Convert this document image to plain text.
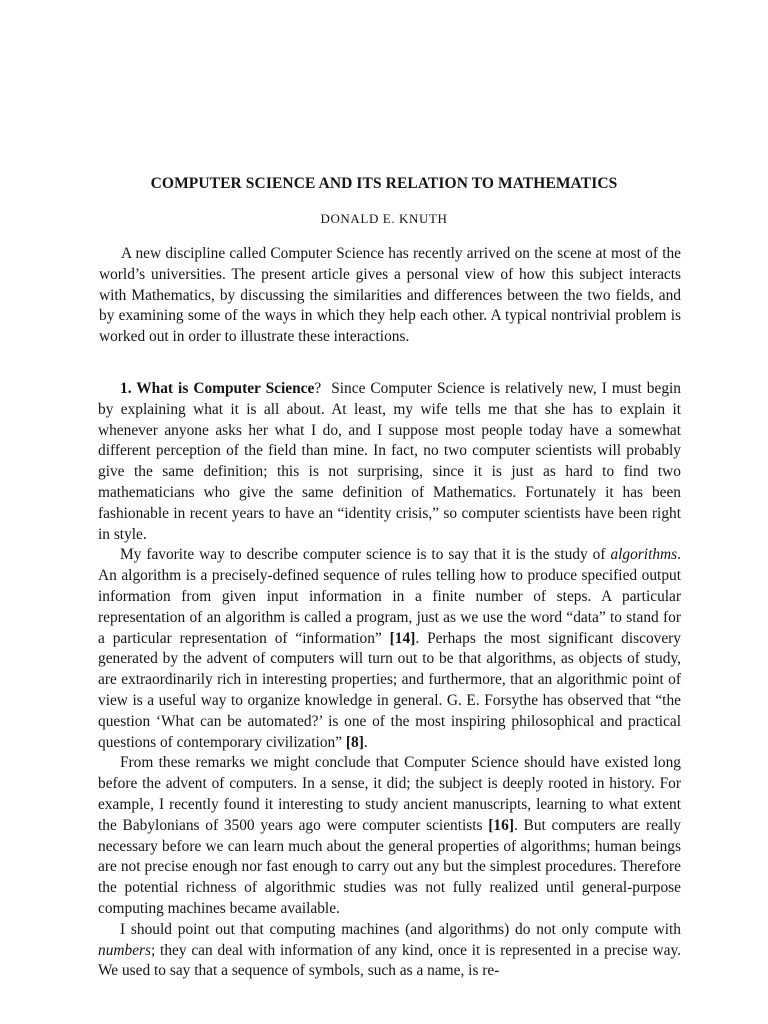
COMPUTER SCIENCE AND ITS RELATION TO MATHEMATICS
DONALD E. KNUTH

A new discipline called Computer Science has recently arrived on the scene at most of the world’s universities. The present article gives a personal view of how this subject interacts with Mathematics, by discussing the similarities and differences between the two fields, and by examining some of the ways in which they help each other. A typical nontrivial problem is worked out in order to illustrate these interactions.

1. What is Computer Science? Since Computer Science is relatively new, I must begin by explaining what it is all about. At least, my wife tells me that she has to explain it whenever anyone asks her what I do, and I suppose most people today have a somewhat different perception of the field than mine. In fact, no two computer scientists will probably give the same definition; this is not surprising, since it is just as hard to find two mathematicians who give the same definition of Mathematics. Fortunately it has been fashionable in recent years to have an “identity crisis,” so computer scientists have been right in style.

My favorite way to describe computer science is to say that it is the study of algorithms. An algorithm is a precisely-defined sequence of rules telling how to produce specified output information from given input information in a finite number of steps. A particular representation of an algorithm is called a program, just as we use the word “data” to stand for a particular representation of “information” [14]. Perhaps the most significant discovery generated by the advent of computers will turn out to be that algorithms, as objects of study, are extraordinarily rich in interesting properties; and furthermore, that an algorithmic point of view is a useful way to organize knowledge in general. G. E. Forsythe has observed that “the question ‘What can be automated?’ is one of the most inspiring philosophical and practical questions of contemporary civilization” [8].

From these remarks we might conclude that Computer Science should have existed long before the advent of computers. In a sense, it did; the subject is deeply rooted in history. For example, I recently found it interesting to study ancient manuscripts, learning to what extent the Babylonians of 3500 years ago were computer scientists [16]. But computers are really necessary before we can learn much about the general properties of algorithms; human beings are not precise enough nor fast enough to carry out any but the simplest procedures. Therefore the potential richness of algorithmic studies was not fully realized until general-purpose computing machines became available.

I should point out that computing machines (and algorithms) do not only compute with numbers; they can deal with information of any kind, once it is represented in a precise way. We used to say that a sequence of symbols, such as a name, is re-
